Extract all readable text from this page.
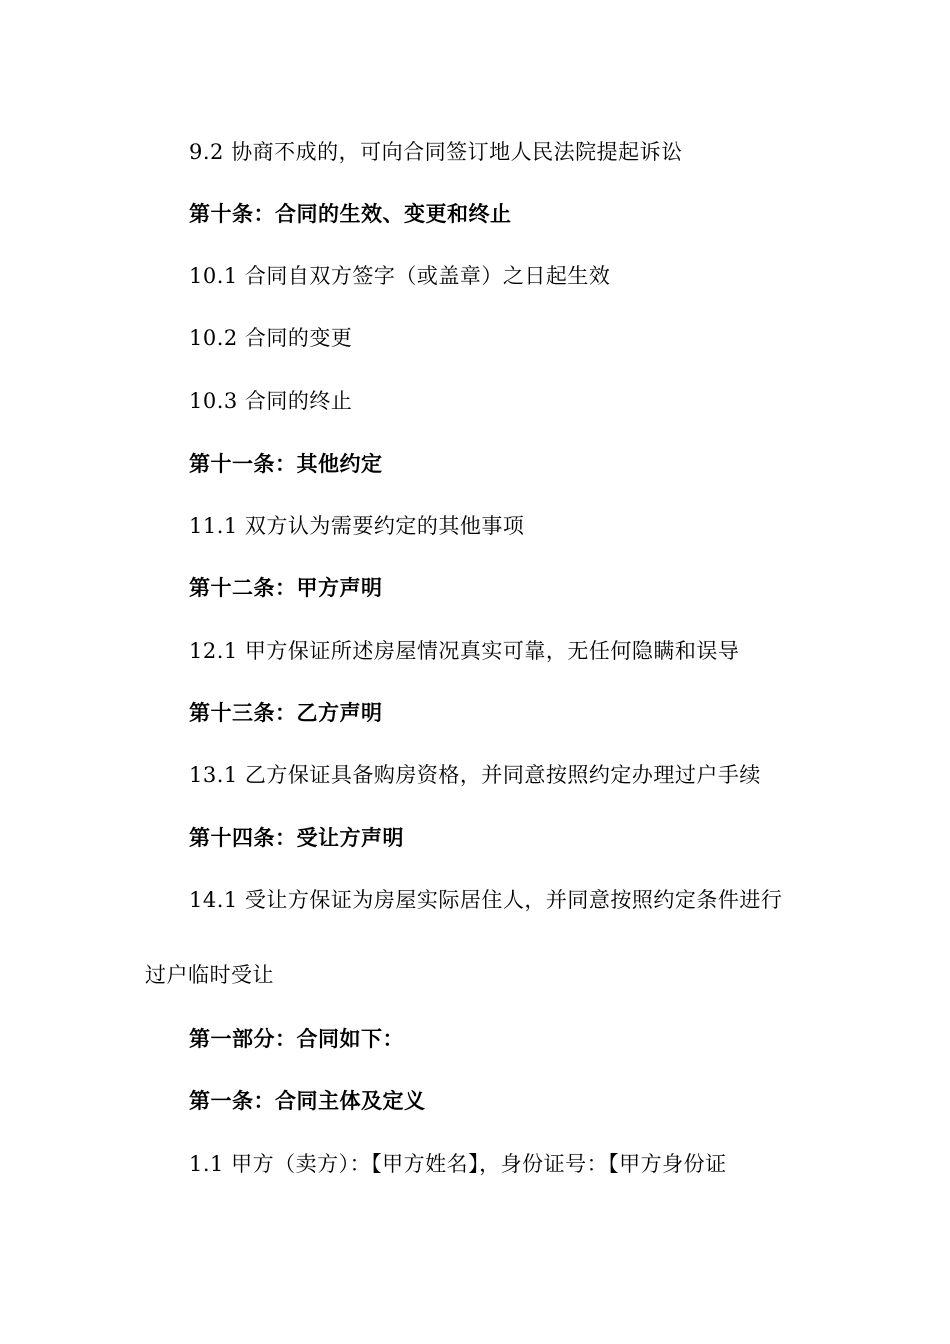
9.2 协商不成的，可向合同签订地人民法院提起诉讼
第十条：合同的生效、变更和终止
10.1 合同自双方签字（或盖章）之日起生效
10.2 合同的变更
10.3 合同的终止
第十一条：其他约定
11.1 双方认为需要约定的其他事项
第十二条：甲方声明
12.1 甲方保证所述房屋情况真实可靠，无任何隐瞒和误导
第十三条：乙方声明
13.1 乙方保证具备购房资格，并同意按照约定办理过户手续
第十四条：受让方声明
14.1 受让方保证为房屋实际居住人，并同意按照约定条件进行
过户临时受让
第一部分：合同如下：
第一条：合同主体及定义
1.1 甲方（卖方）：【甲方姓名】，身份证号：【甲方身份证
